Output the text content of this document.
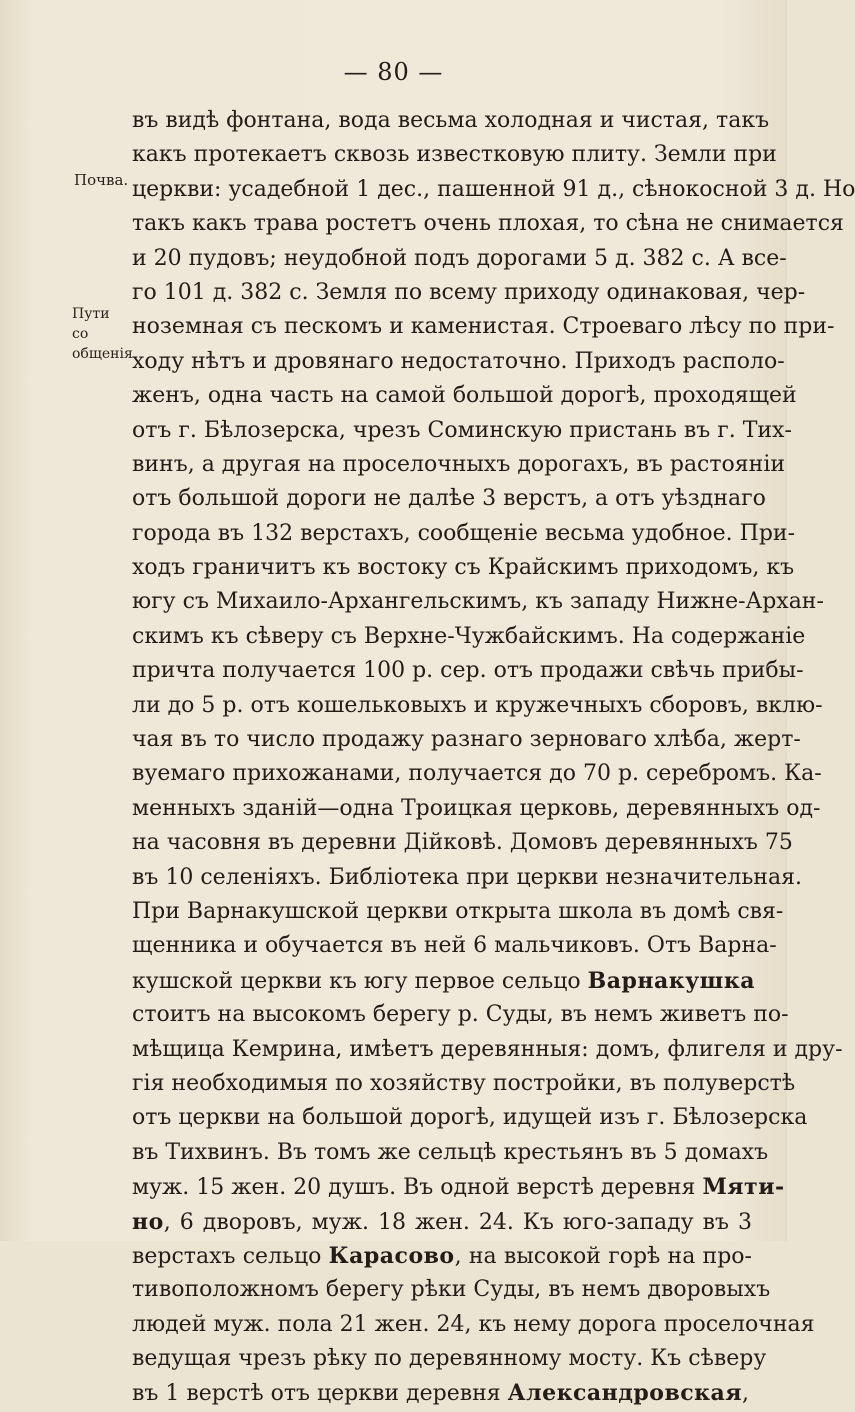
— 80 —
Почва.
Пути со общенія
въ видѣ фонтана, вода весьма холодная и чистая, такъ
какъ протекаетъ сквозь известковую плиту. Земли при
церкви: усадебной 1 дес., пашенной 91 д., сѣнокосной 3 д. Но
такъ какъ трава ростетъ очень плохая, то сѣна не снимается
и 20 пудовъ; неудобной подъ дорогами 5 д. 382 с. А все-
го 101 д. 382 с. Земля по всему приходу одинаковая, чер-
ноземная съ пескомъ и каменистая. Строеваго лѣсу по при-
ходу нѣтъ и дровянаго недостаточно. Приходъ располо-
женъ, одна часть на самой большой дорогѣ, проходящей
отъ г. Бѣлозерска, чрезъ Соминскую пристань въ г. Тих-
винъ, а другая на проселочныхъ дорогахъ, въ растояніи
отъ большой дороги не далѣе 3 верстъ, а отъ уѣзднаго
города въ 132 верстахъ, сообщеніе весьма удобное. При-
ходъ граничитъ къ востоку съ Крайскимъ приходомъ, къ
югу съ Михаило-Архангельскимъ, къ западу Нижне-Архан-
скимъ къ сѣверу съ Верхне-Чужбайскимъ. На содержаніе
причта получается 100 р. сер. отъ продажи свѣчь прибы-
ли до 5 р. отъ кошельковыхъ и кружечныхъ сборовъ, вклю-
чая въ то число продажу разнаго зерноваго хлѣба, жерт-
вуемаго прихожанами, получается до 70 р. серебромъ. Ка-
менныхъ зданій—одна Троицкая церковь, деревянныхъ од-
на часовня въ деревни Дійковѣ. Домовъ деревянныхъ 75
въ 10 селеніяхъ. Библіотека при церкви незначительная.
При Варнакушской церкви открыта школа въ домѣ свя-
щенника и обучается въ ней 6 мальчиковъ. Отъ Варна-
кушской церкви къ югу первое сельцо Варнакушка
стоитъ на высокомъ берегу р. Суды, въ немъ живетъ по-
мѣщица Кемрина, имѣетъ деревянныя: домъ, флигеля и дру-
гія необходимыя по хозяйству постройки, въ полуверстѣ
отъ церкви на большой дорогѣ, идущей изъ г. Бѣлозерска
въ Тихвинъ. Въ томъ же сельцѣ крестьянъ въ 5 домахъ
муж. 15 жен. 20 душъ. Въ одной верстѣ деревня Мяти-
но, 6 дворовъ, муж. 18 жен. 24. Къ юго-западу въ 3
верстахъ сельцо Карасово, на высокой горѣ на про-
тивоположномъ берегу рѣки Суды, въ немъ дворовыхъ
людей муж. пола 21 жен. 24, къ нему дорога проселочная
ведущая чрезъ рѣку по деревянному мосту. Къ сѣверу
въ 1 верстѣ отъ церкви деревня Александровская,
